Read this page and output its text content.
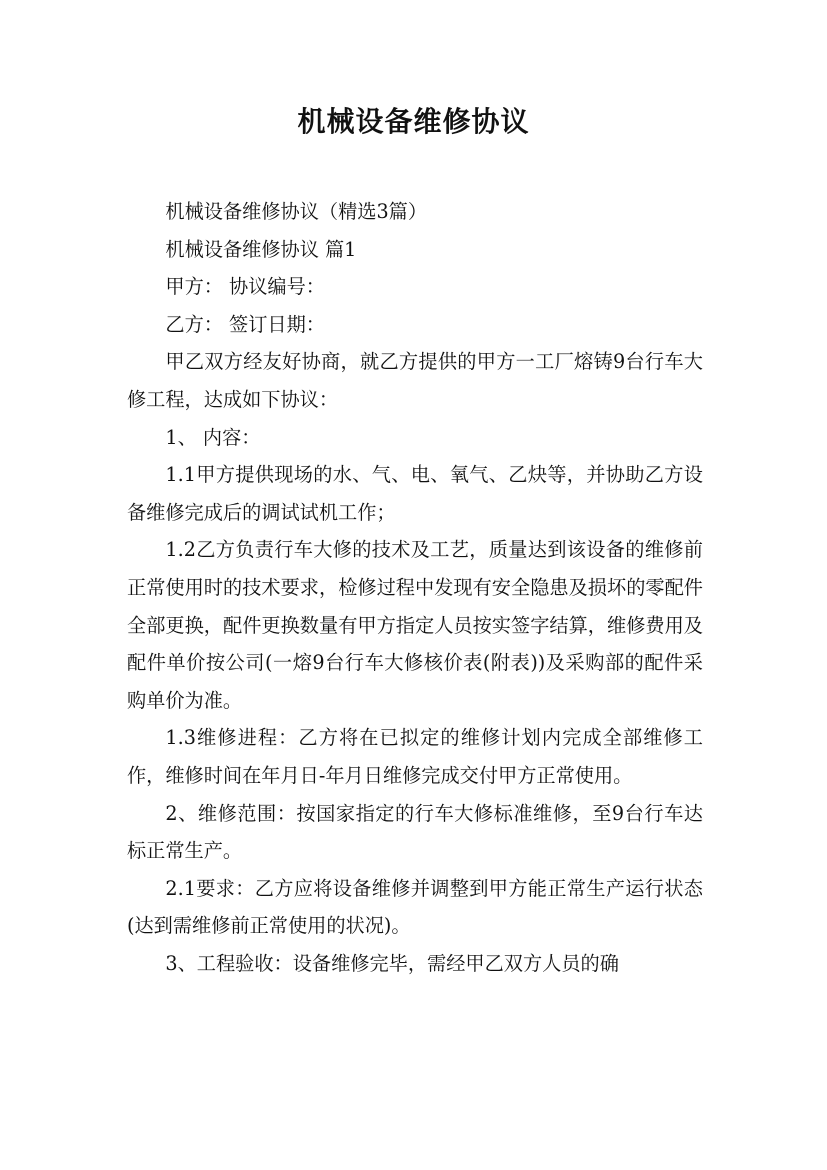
机械设备维修协议

机械设备维修协议（精选3篇）

机械设备维修协议 篇1

甲方： 协议编号：

乙方： 签订日期：

甲乙双方经友好协商，就乙方提供的甲方一工厂熔铸9台行车大修工程，达成如下协议：

1、 内容：

1.1甲方提供现场的水、气、电、氧气、乙炔等，并协助乙方设备维修完成后的调试试机工作；

1.2乙方负责行车大修的技术及工艺，质量达到该设备的维修前正常使用时的技术要求，检修过程中发现有安全隐患及损坏的零配件全部更换，配件更换数量有甲方指定人员按实签字结算，维修费用及配件单价按公司(一熔9台行车大修核价表(附表))及采购部的配件采购单价为准。

1.3维修进程：乙方将在已拟定的维修计划内完成全部维修工作，维修时间在年月日-年月日维修完成交付甲方正常使用。

2、维修范围：按国家指定的行车大修标准维修，至9台行车达标正常生产。

2.1要求：乙方应将设备维修并调整到甲方能正常生产运行状态(达到需维修前正常使用的状况)。

3、工程验收：设备维修完毕，需经甲乙双方人员的确
